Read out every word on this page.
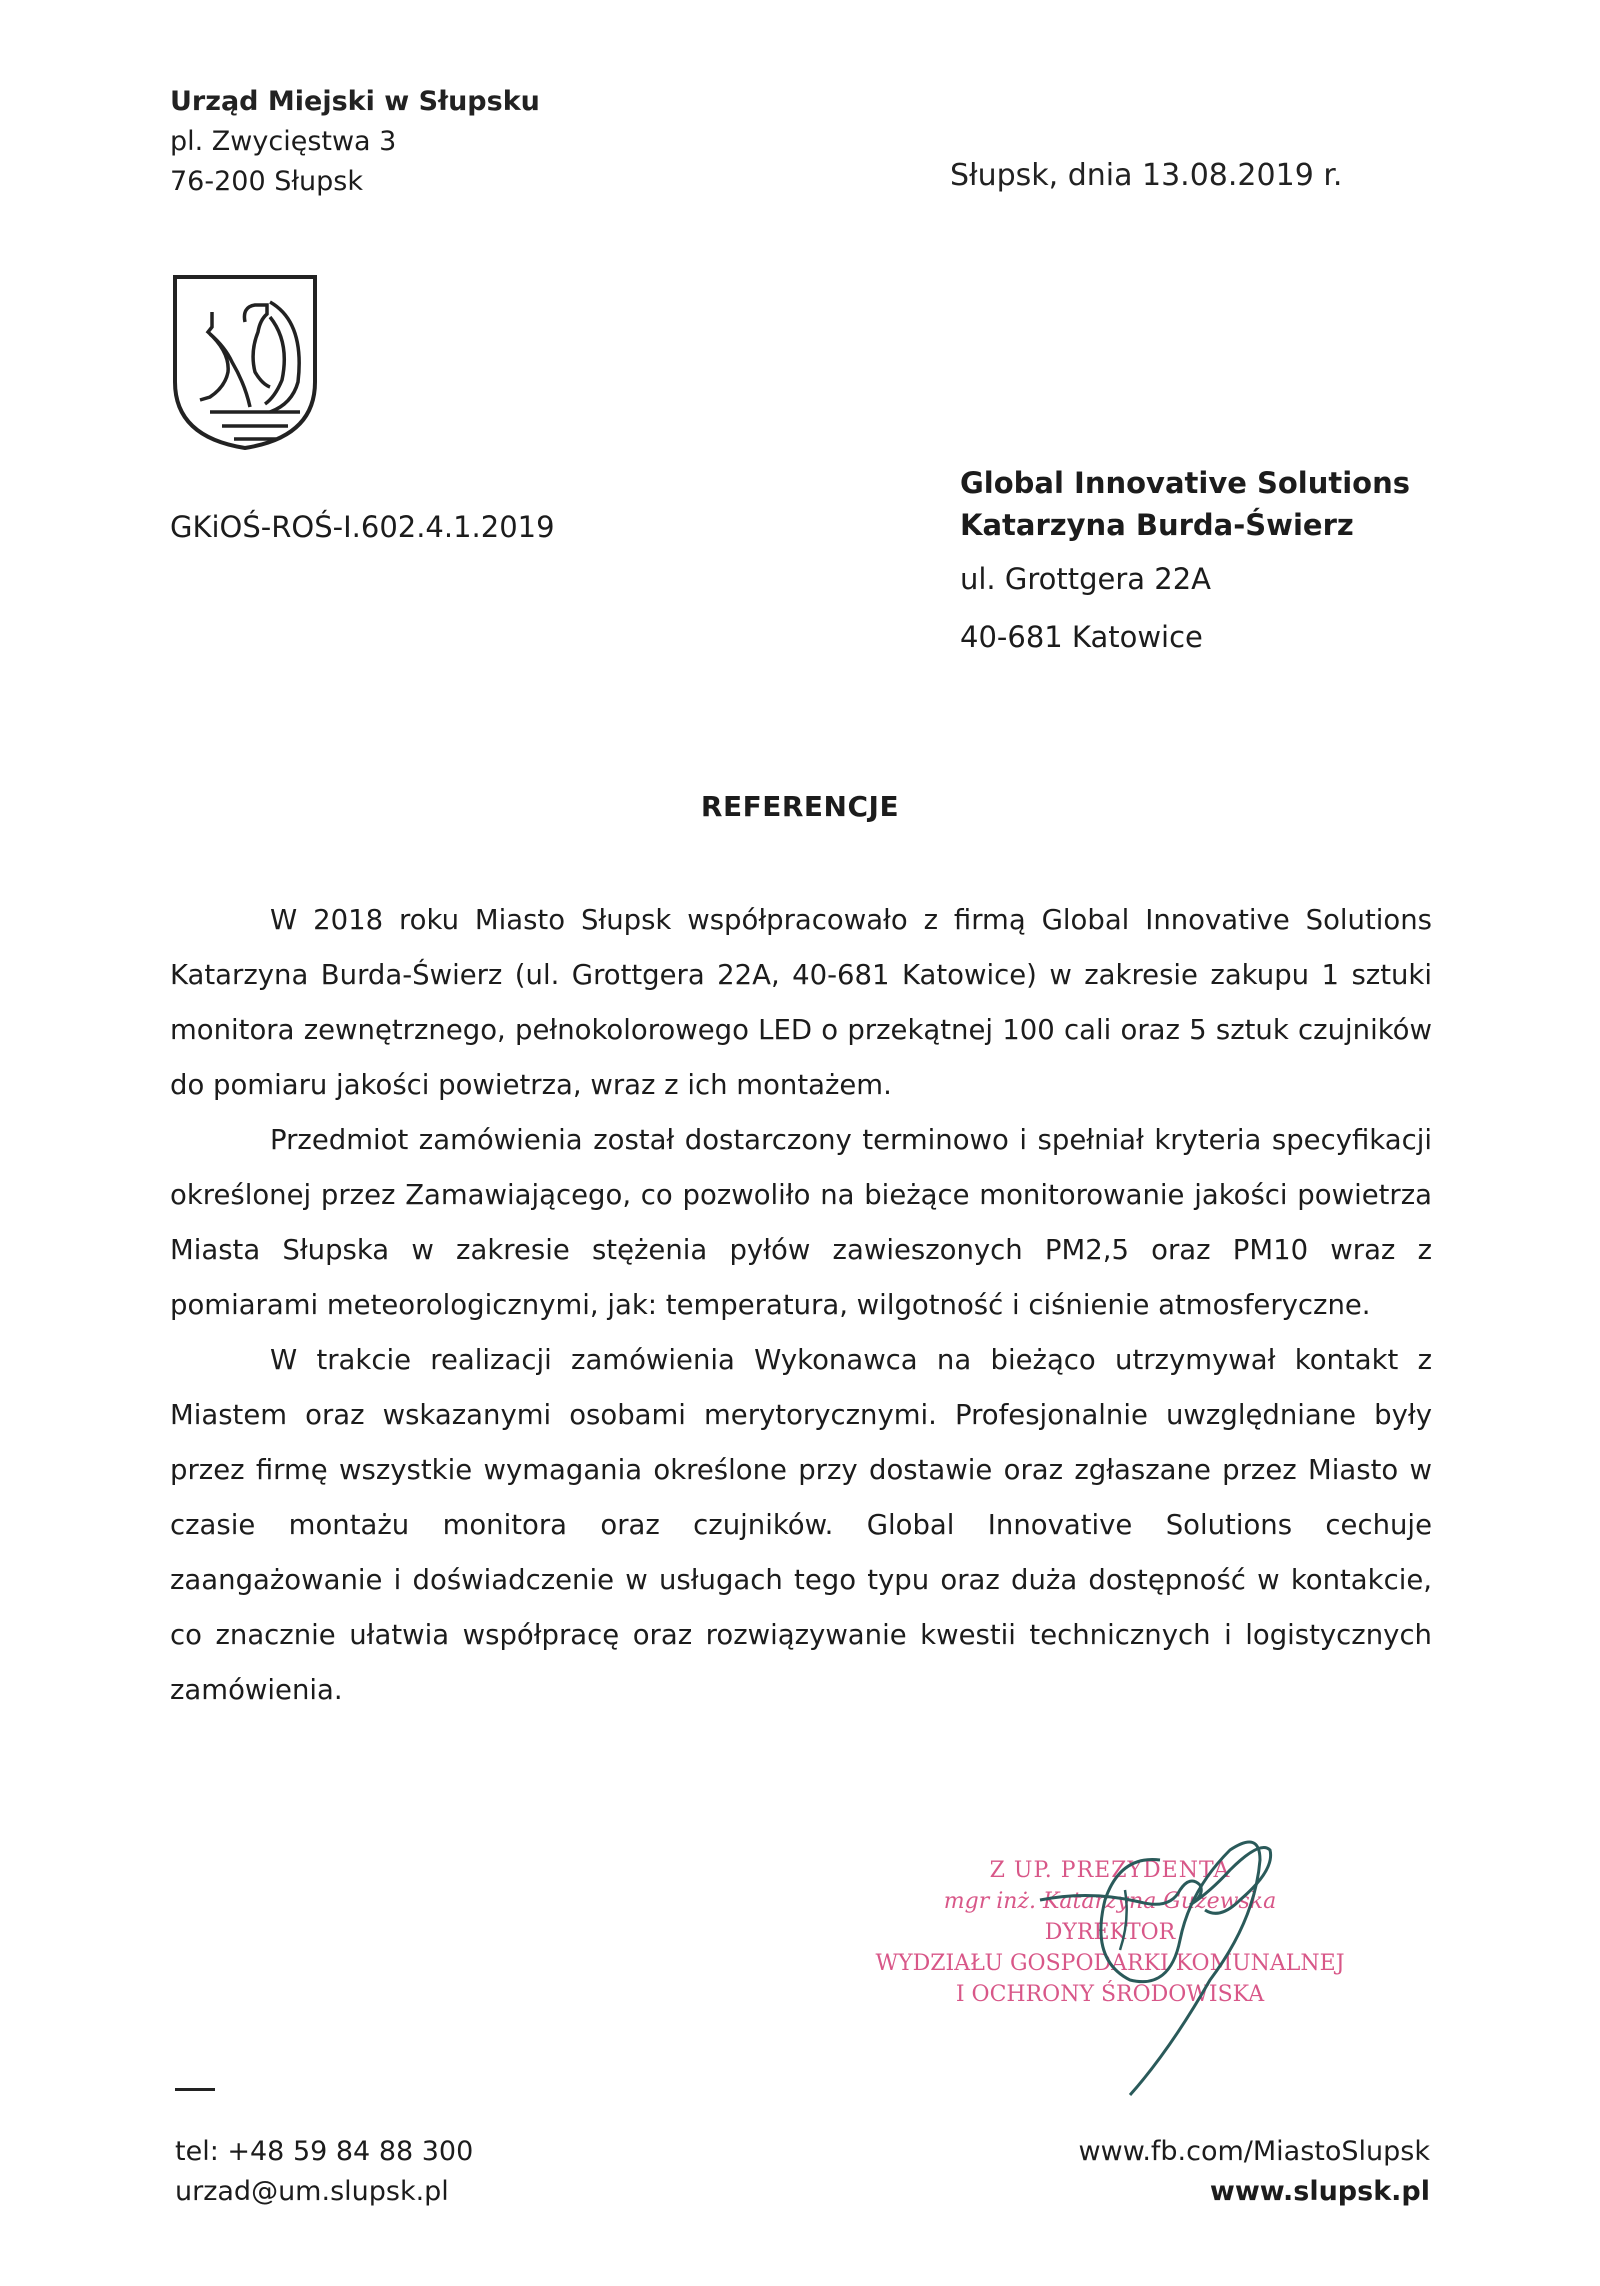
Urząd Miejski w Słupsku
pl. Zwycięstwa 3
76-200 Słupsk	Słupsk, dnia 13.08.2019 r.
GKiOŚ-ROŚ-I.602.4.1.2019
Global Innovative Solutions
Katarzyna Burda-Świerz
ul. Grottgera 22A
40-681 Katowice
REFERENCJE

W 2018 roku Miasto Słupsk współpracowało z firmą Global Innovative Solutions Katarzyna Burda-Świerz (ul. Grottgera 22A, 40-681 Katowice) w zakresie zakupu 1 sztuki monitora zewnętrznego, pełnokolorowego LED o przekątnej 100 cali oraz 5 sztuk czujników do pomiaru jakości powietrza, wraz z ich montażem.

Przedmiot zamówienia został dostarczony terminowo i spełniał kryteria specyfikacji określonej przez Zamawiającego, co pozwoliło na bieżące monitorowanie jakości powietrza Miasta Słupska w zakresie stężenia pyłów zawieszonych PM2,5 oraz PM10 wraz z pomiarami meteorologicznymi, jak: temperatura, wilgotność i ciśnienie atmosferyczne.

W trakcie realizacji zamówienia Wykonawca na bieżąco utrzymywał kontakt z Miastem oraz wskazanymi osobami merytorycznymi. Profesjonalnie uwzględniane były przez firmę wszystkie wymagania określone przy dostawie oraz zgłaszane przez Miasto w czasie montażu monitora oraz czujników. Global Innovative Solutions cechuje zaangażowanie i doświadczenie w usługach tego typu oraz duża dostępność w kontakcie, co znacznie ułatwia współpracę oraz rozwiązywanie kwestii technicznych i logistycznych zamówienia.

Z UP. PREZYDENTA
mgr inż. Katarzyna Guzewska
DYREKTOR
WYDZIAŁU GOSPODARKI KOMUNALNEJ
I OCHRONY ŚRODOWISKA
tel: +48 59 84 88 300
urzad@um.slupsk.pl
www.fb.com/MiastoSlupsk
www.slupsk.pl
